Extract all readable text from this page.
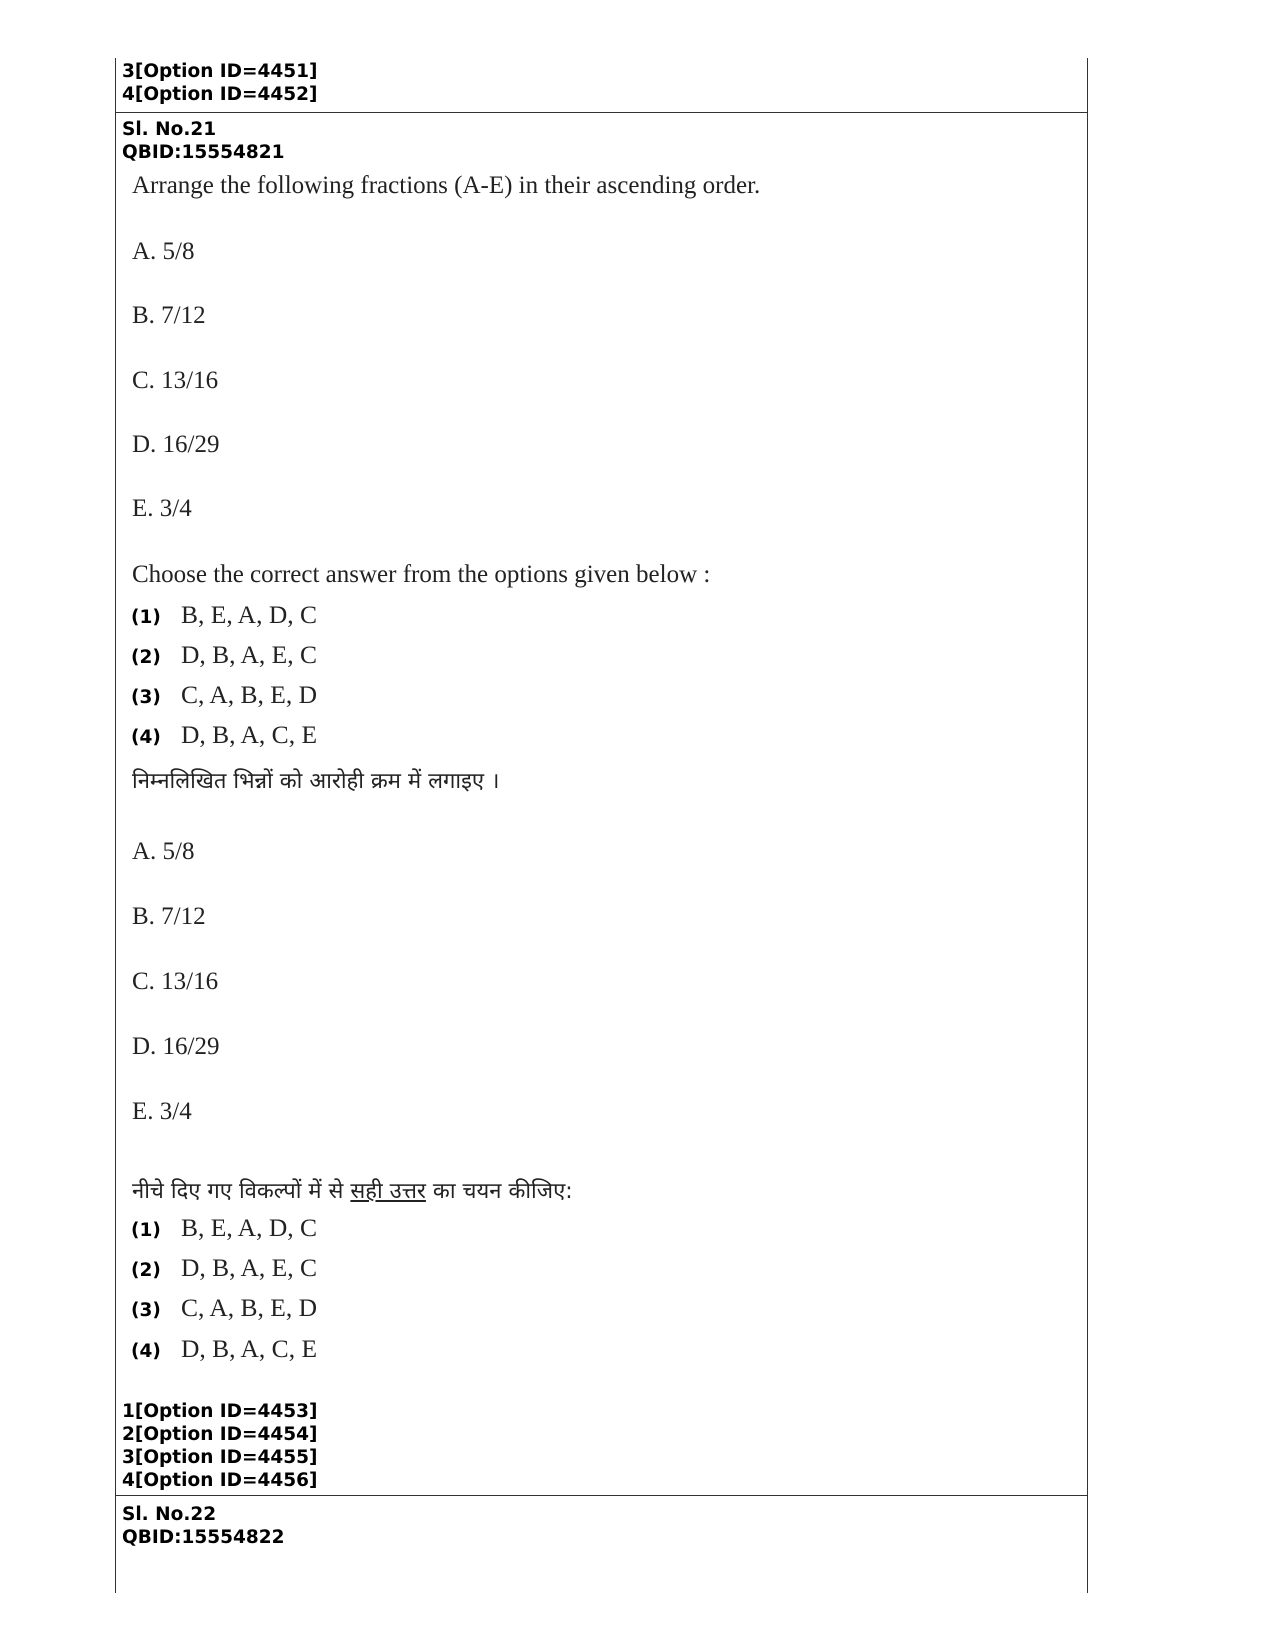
3[Option ID=4451]
4[Option ID=4452]
Sl. No.21
QBID:15554821
Arrange the following fractions (A-E) in their ascending order.
A. 5/8
B. 7/12
C. 13/16
D. 16/29
E. 3/4
Choose the correct answer from the options given below :
(1) B, E, A, D, C
(2) D, B, A, E, C
(3) C, A, B, E, D
(4) D, B, A, C, E
निम्नलिखित भिन्नों को आरोही क्रम में लगाइए ।
A. 5/8
B. 7/12
C. 13/16
D. 16/29
E. 3/4
नीचे दिए गए विकल्पों में से सही उत्तर का चयन कीजिए:
(1) B, E, A, D, C
(2) D, B, A, E, C
(3) C, A, B, E, D
(4) D, B, A, C, E
1[Option ID=4453]
2[Option ID=4454]
3[Option ID=4455]
4[Option ID=4456]
Sl. No.22
QBID:15554822
